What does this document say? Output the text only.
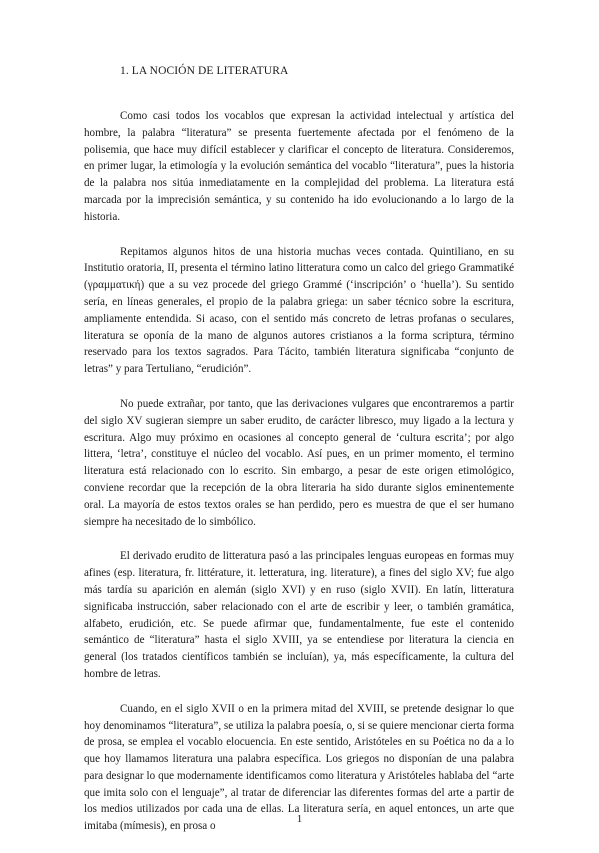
1. LA NOCIÓN DE LITERATURA

Como casi todos los vocablos que expresan la actividad intelectual y artística del hombre, la palabra “literatura” se presenta fuertemente afectada por el fenómeno de la polisemia, que hace muy difícil establecer y clarificar el concepto de literatura. Consideremos, en primer lugar, la etimología y la evolución semántica del vocablo “literatura”, pues la historia de la palabra nos sitúa inmediatamente en la complejidad del problema. La literatura está marcada por la imprecisión semántica, y su contenido ha ido evolucionando a lo largo de la historia.

Repitamos algunos hitos de una historia muchas veces contada. Quintiliano, en su Institutio oratoria, II, presenta el término latino litteratura como un calco del griego Grammatiké (γραμματική) que a su vez procede del griego Grammé (‘inscripción’ o ‘huella’). Su sentido sería, en líneas generales, el propio de la palabra griega: un saber técnico sobre la escritura, ampliamente entendida. Si acaso, con el sentido más concreto de letras profanas o seculares, literatura se oponía de la mano de algunos autores cristianos a la forma scriptura, término reservado para los textos sagrados. Para Tácito, también literatura significaba “conjunto de letras” y para Tertuliano, “erudición”.

No puede extrañar, por tanto, que las derivaciones vulgares que encontraremos a partir del siglo XV sugieran siempre un saber erudito, de carácter libresco, muy ligado a la lectura y escritura. Algo muy próximo en ocasiones al concepto general de ‘cultura escrita’; por algo littera, ‘letra’, constituye el núcleo del vocablo. Así pues, en un primer momento, el termino literatura está relacionado con lo escrito. Sin embargo, a pesar de este origen etimológico, conviene recordar que la recepción de la obra literaria ha sido durante siglos eminentemente oral. La mayoría de estos textos orales se han perdido, pero es muestra de que el ser humano siempre ha necesitado de lo simbólico.

El derivado erudito de litteratura pasó a las principales lenguas europeas en formas muy afines (esp. literatura, fr. littérature, it. letteratura, ing. literature), a fines del siglo XV; fue algo más tardía su aparición en alemán (siglo XVI) y en ruso (siglo XVII). En latín, litteratura significaba instrucción, saber relacionado con el arte de escribir y leer, o también gramática, alfabeto, erudición, etc. Se puede afirmar que, fundamentalmente, fue este el contenido semántico de “literatura” hasta el siglo XVIII, ya se entendiese por literatura la ciencia en general (los tratados científicos también se incluían), ya, más específicamente, la cultura del hombre de letras.

Cuando, en el siglo XVII o en la primera mitad del XVIII, se pretende designar lo que hoy denominamos “literatura”, se utiliza la palabra poesía, o, si se quiere mencionar cierta forma de prosa, se emplea el vocablo elocuencia. En este sentido, Aristóteles en su Poética no da a lo que hoy llamamos literatura una palabra específica. Los griegos no disponían de una palabra para designar lo que modernamente identificamos como literatura y Aristóteles hablaba del “arte que imita solo con el lenguaje”, al tratar de diferenciar las diferentes formas del arte a partir de los medios utilizados por cada una de ellas. La literatura sería, en aquel entonces, un arte que imitaba (mímesis), en prosa o

1
